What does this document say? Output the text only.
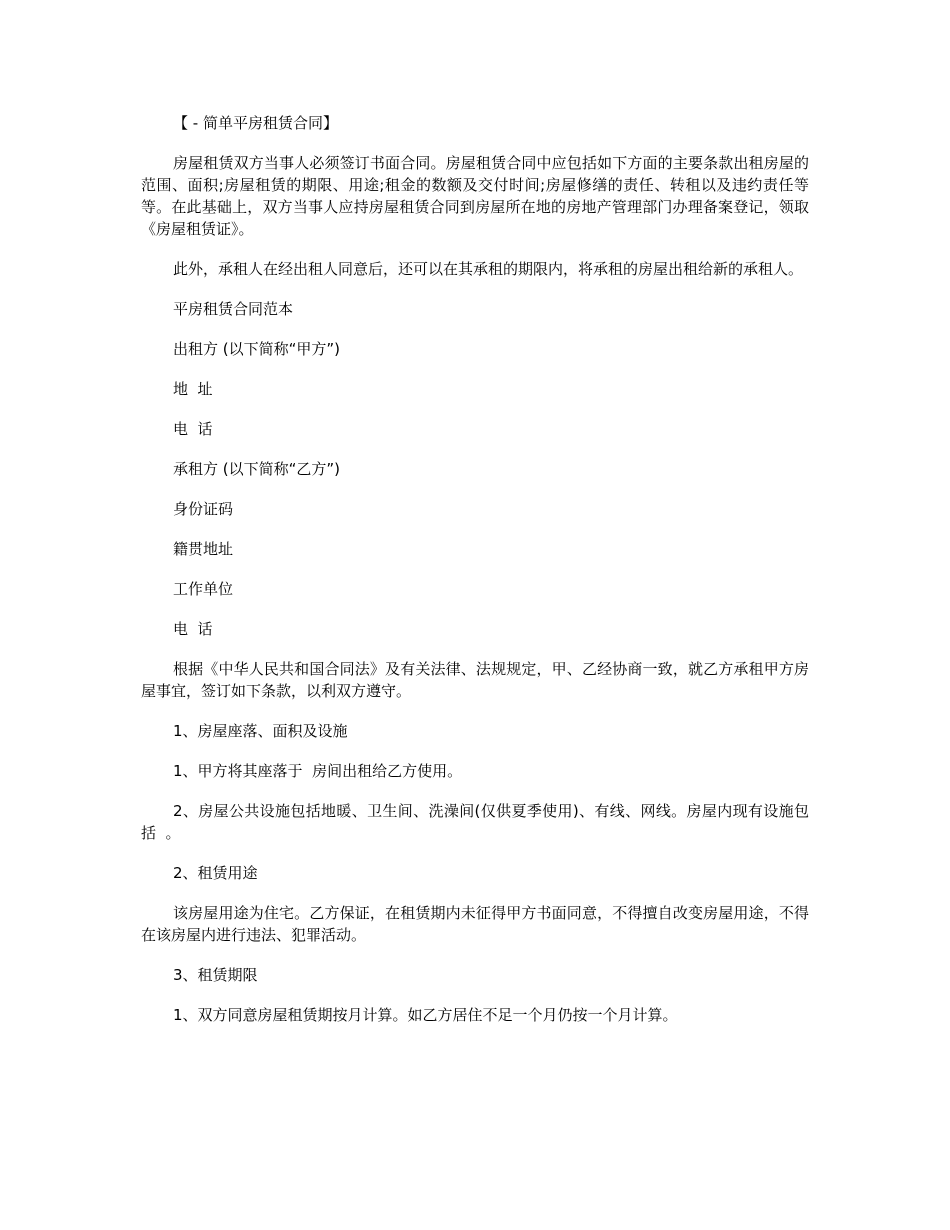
【 - 简单平房租赁合同】

房屋租赁双方当事人必须签订书面合同。房屋租赁合同中应包括如下方面的主要条款出租房屋的范围、面积;房屋租赁的期限、用途;租金的数额及交付时间;房屋修缮的责任、转租以及违约责任等等。在此基础上，双方当事人应持房屋租赁合同到房屋所在地的房地产管理部门办理备案登记，领取《房屋租赁证》。

此外，承租人在经出租人同意后，还可以在其承租的期限内，将承租的房屋出租给新的承租人。

平房租赁合同范本

出租方 (以下简称“甲方”)

地  址

电  话

承租方 (以下简称“乙方”)

身份证码

籍贯地址

工作单位

电  话

根据《中华人民共和国合同法》及有关法律、法规规定，甲、乙经协商一致，就乙方承租甲方房屋事宜，签订如下条款，以利双方遵守。

1、房屋座落、面积及设施

1、甲方将其座落于  房间出租给乙方使用。

2、房屋公共设施包括地暖、卫生间、洗澡间(仅供夏季使用)、有线、网线。房屋内现有设施包括  。

2、租赁用途

该房屋用途为住宅。乙方保证，在租赁期内未征得甲方书面同意，不得擅自改变房屋用途，不得在该房屋内进行违法、犯罪活动。

3、租赁期限

1、双方同意房屋租赁期按月计算。如乙方居住不足一个月仍按一个月计算。
